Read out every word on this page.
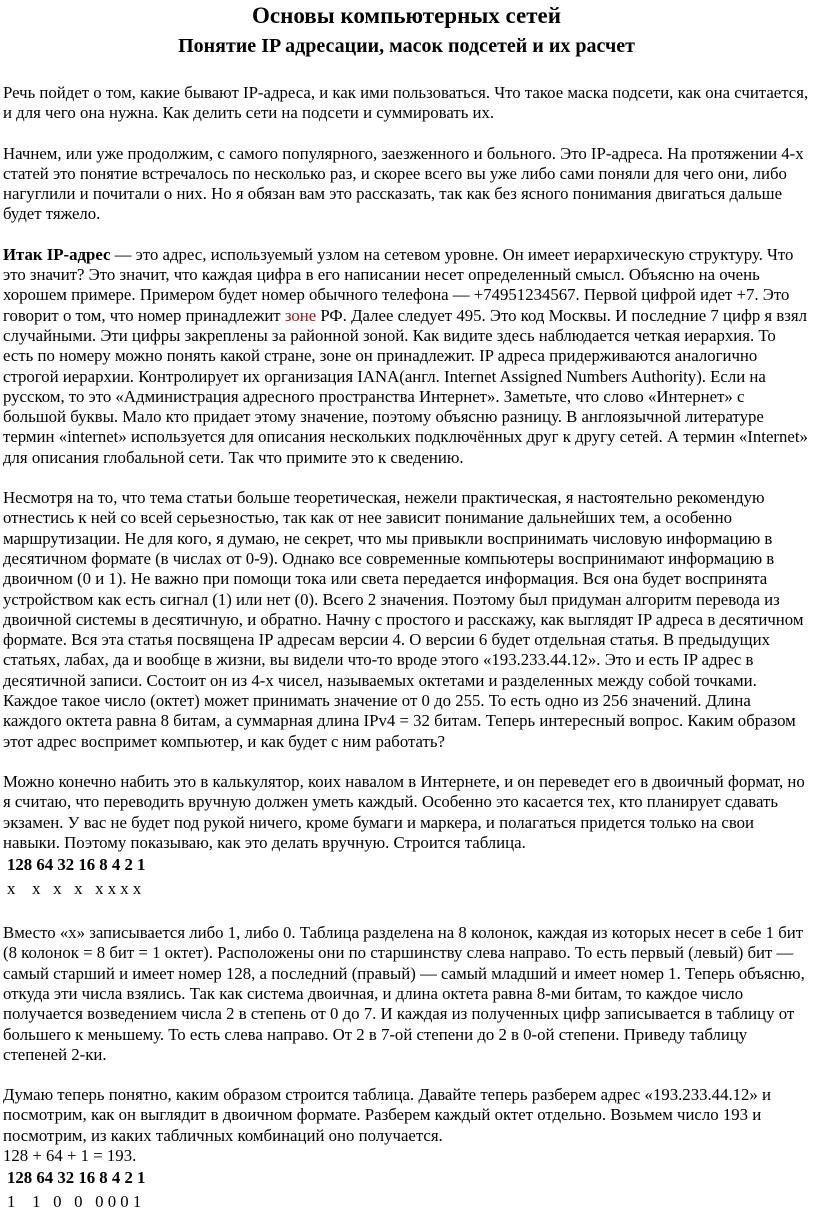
Основы компьютерных сетей
Понятие IP адресации, масок подсетей и их расчет

Речь пойдет о том, какие бывают IP-адреса, и как ими пользоваться. Что такое маска подсети, как она считается, и для чего она нужна. Как делить сети на подсети и суммировать их.

Начнем, или уже продолжим, с самого популярного, заезженного и больного. Это IP-адреса. На протяжении 4-х статей это понятие встречалось по несколько раз, и скорее всего вы уже либо сами поняли для чего они, либо нагуглили и почитали о них. Но я обязан вам это рассказать, так как без ясного понимания двигаться дальше будет тяжело.

Итак IP-адрес — это адрес, используемый узлом на сетевом уровне. Он имеет иерархическую структуру. Что это значит? Это значит, что каждая цифра в его написании несет определенный смысл. Объясню на очень хорошем примере. Примером будет номер обычного телефона — +74951234567. Первой цифрой идет +7. Это говорит о том, что номер принадлежит зоне РФ. Далее следует 495. Это код Москвы. И последние 7 цифр я взял случайными. Эти цифры закреплены за районной зоной. Как видите здесь наблюдается четкая иерархия. То есть по номеру можно понять какой стране, зоне он принадлежит. IP адреса придерживаются аналогично строгой иерархии. Контролирует их организация IANA(англ. Internet Assigned Numbers Authority). Если на русском, то это «Администрация адресного пространства Интернет». Заметьте, что слово «Интернет» с большой буквы. Мало кто придает этому значение, поэтому объясню разницу. В англоязычной литературе термин «internet» используется для описания нескольких подключённых друг к другу сетей. А термин «Internet» для описания глобальной сети. Так что примите это к сведению.

Несмотря на то, что тема статьи больше теоретическая, нежели практическая, я настоятельно рекомендую отнестись к ней со всей серьезностью, так как от нее зависит понимание дальнейших тем, а особенно маршрутизации. Не для кого, я думаю, не секрет, что мы привыкли воспринимать числовую информацию в десятичном формате (в числах от 0-9). Однако все современные компьютеры воспринимают информацию в двоичном (0 и 1). Не важно при помощи тока или света передается информация. Вся она будет воспринята устройством как есть сигнал (1) или нет (0). Всего 2 значения. Поэтому был придуман алгоритм перевода из двоичной системы в десятичную, и обратно. Начну с простого и расскажу, как выглядят IP адреса в десятичном формате. Вся эта статья посвящена IP адресам версии 4. О версии 6 будет отдельная статья. В предыдущих статьях, лабах, да и вообще в жизни, вы видели что-то вроде этого «193.233.44.12». Это и есть IP адрес в десятичной записи. Состоит он из 4-х чисел, называемых октетами и разделенных между собой точками. Каждое такое число (октет) может принимать значение от 0 до 255. То есть одно из 256 значений. Длина каждого октета равна 8 битам, а суммарная длина IPv4 = 32 битам. Теперь интересный вопрос. Каким образом этот адрес воспримет компьютер, и как будет с ним работать?

Можно конечно набить это в калькулятор, коих навалом в Интернете, и он переведет его в двоичный формат, но я считаю, что переводить вручную должен уметь каждый. Особенно это касается тех, кто планирует сдавать экзамен. У вас не будет под рукой ничего, кроме бумаги и маркера, и полагаться придется только на свои навыки. Поэтому показываю, как это делать вручную. Строится таблица.

128 64 32 16 8 4 2 1
x    x   x   x   x x x x

Вместо «х» записывается либо 1, либо 0. Таблица разделена на 8 колонок, каждая из которых несет в себе 1 бит (8 колонок = 8 бит = 1 октет). Расположены они по старшинству слева направо. То есть первый (левый) бит — самый старший и имеет номер 128, а последний (правый) — самый младший и имеет номер 1. Теперь объясню, откуда эти числа взялись. Так как система двоичная, и длина октета равна 8-ми битам, то каждое число получается возведением числа 2 в степень от 0 до 7. И каждая из полученных цифр записывается в таблицу от большего к меньшему. То есть слева направо. От 2 в 7-ой степени до 2 в 0-ой степени. Приведу таблицу степеней 2-ки.

Думаю теперь понятно, каким образом строится таблица. Давайте теперь разберем адрес «193.233.44.12» и посмотрим, как он выглядит в двоичном формате. Разберем каждый октет отдельно. Возьмем число 193 и посмотрим, из каких табличных комбинаций оно получается.

128 + 64 + 1 = 193.

128 64 32 16 8 4 2 1
1    1   0   0   0 0 0 1
